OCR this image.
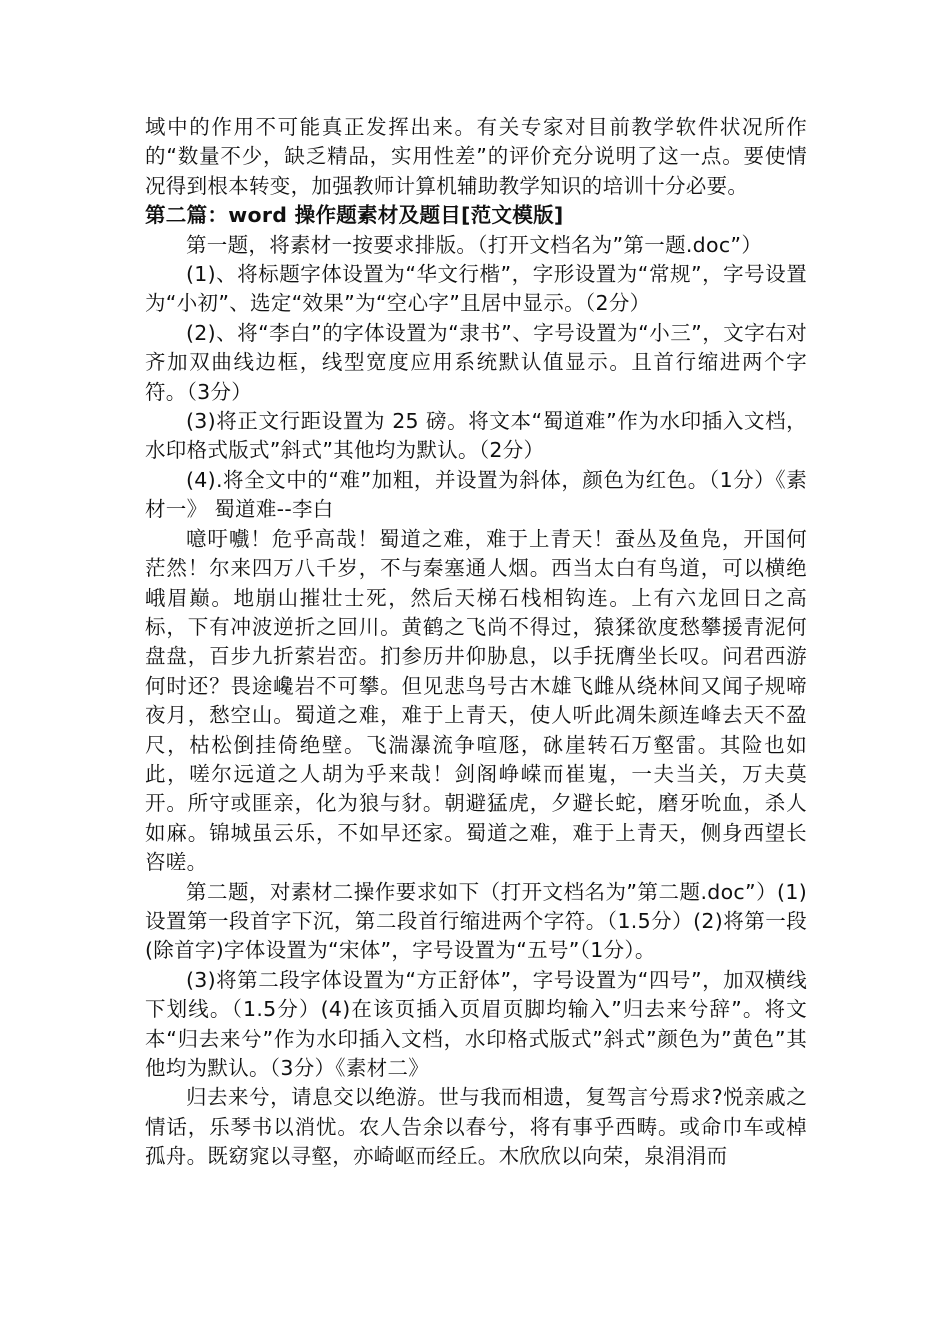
域中的作用不可能真正发挥出来。有关专家对目前教学软件状况所作的“数量不少，缺乏精品，实用性差”的评价充分说明了这一点。要使情况得到根本转变，加强教师计算机辅助教学知识的培训十分必要。

第二篇：word 操作题素材及题目[范文模版]

第一题，将素材一按要求排版。（打开文档名为”第一题.doc”）

(1)、将标题字体设置为“华文行楷”，字形设置为“常规”，字号设置为“小初”、选定“效果”为“空心字”且居中显示。（2分）

(2)、将“李白”的字体设置为“隶书”、字号设置为“小三”，文字右对齐加双曲线边框，线型宽度应用系统默认值显示。且首行缩进两个字符。（3分）

(3)将正文行距设置为 25 磅。将文本“蜀道难”作为水印插入文档，水印格式版式”斜式”其他均为默认。（2分）

(4).将全文中的“难”加粗，并设置为斜体，颜色为红色。（1分）《素材一》 蜀道难--李白

噫吁嚱！危乎高哉！蜀道之难，难于上青天！蚕丛及鱼凫，开国何茫然！尔来四万八千岁，不与秦塞通人烟。西当太白有鸟道，可以横绝峨眉巅。地崩山摧壮士死，然后天梯石栈相钩连。上有六龙回日之高标，下有冲波逆折之回川。黄鹤之飞尚不得过，猿猱欲度愁攀援青泥何盘盘，百步九折萦岩峦。扪参历井仰胁息，以手抚膺坐长叹。问君西游何时还？畏途巉岩不可攀。但见悲鸟号古木雄飞雌从绕林间又闻子规啼夜月，愁空山。蜀道之难，难于上青天，使人听此凋朱颜连峰去天不盈尺，枯松倒挂倚绝壁。飞湍瀑流争喧豗，砯崖转石万壑雷。其险也如此，嗟尔远道之人胡为乎来哉！剑阁峥嵘而崔嵬，一夫当关，万夫莫开。所守或匪亲，化为狼与豺。朝避猛虎，夕避长蛇，磨牙吮血，杀人如麻。锦城虽云乐，不如早还家。蜀道之难，难于上青天，侧身西望长咨嗟。

第二题，对素材二操作要求如下（打开文档名为”第二题.doc”）(1)设置第一段首字下沉，第二段首行缩进两个字符。（1.5分）(2)将第一段(除首字)字体设置为“宋体”，字号设置为“五号”（1分）。

(3)将第二段字体设置为“方正舒体”，字号设置为“四号”，加双横线下划线。（1.5分）(4)在该页插入页眉页脚均输入”归去来兮辞”。将文本“归去来兮”作为水印插入文档，水印格式版式”斜式”颜色为”黄色”其他均为默认。（3分）《素材二》

归去来兮，请息交以绝游。世与我而相遗，复驾言兮焉求?悦亲戚之情话，乐琴书以消忧。农人告余以春兮，将有事乎西畴。或命巾车或棹孤舟。既窈窕以寻壑，亦崎岖而经丘。木欣欣以向荣，泉涓涓而
